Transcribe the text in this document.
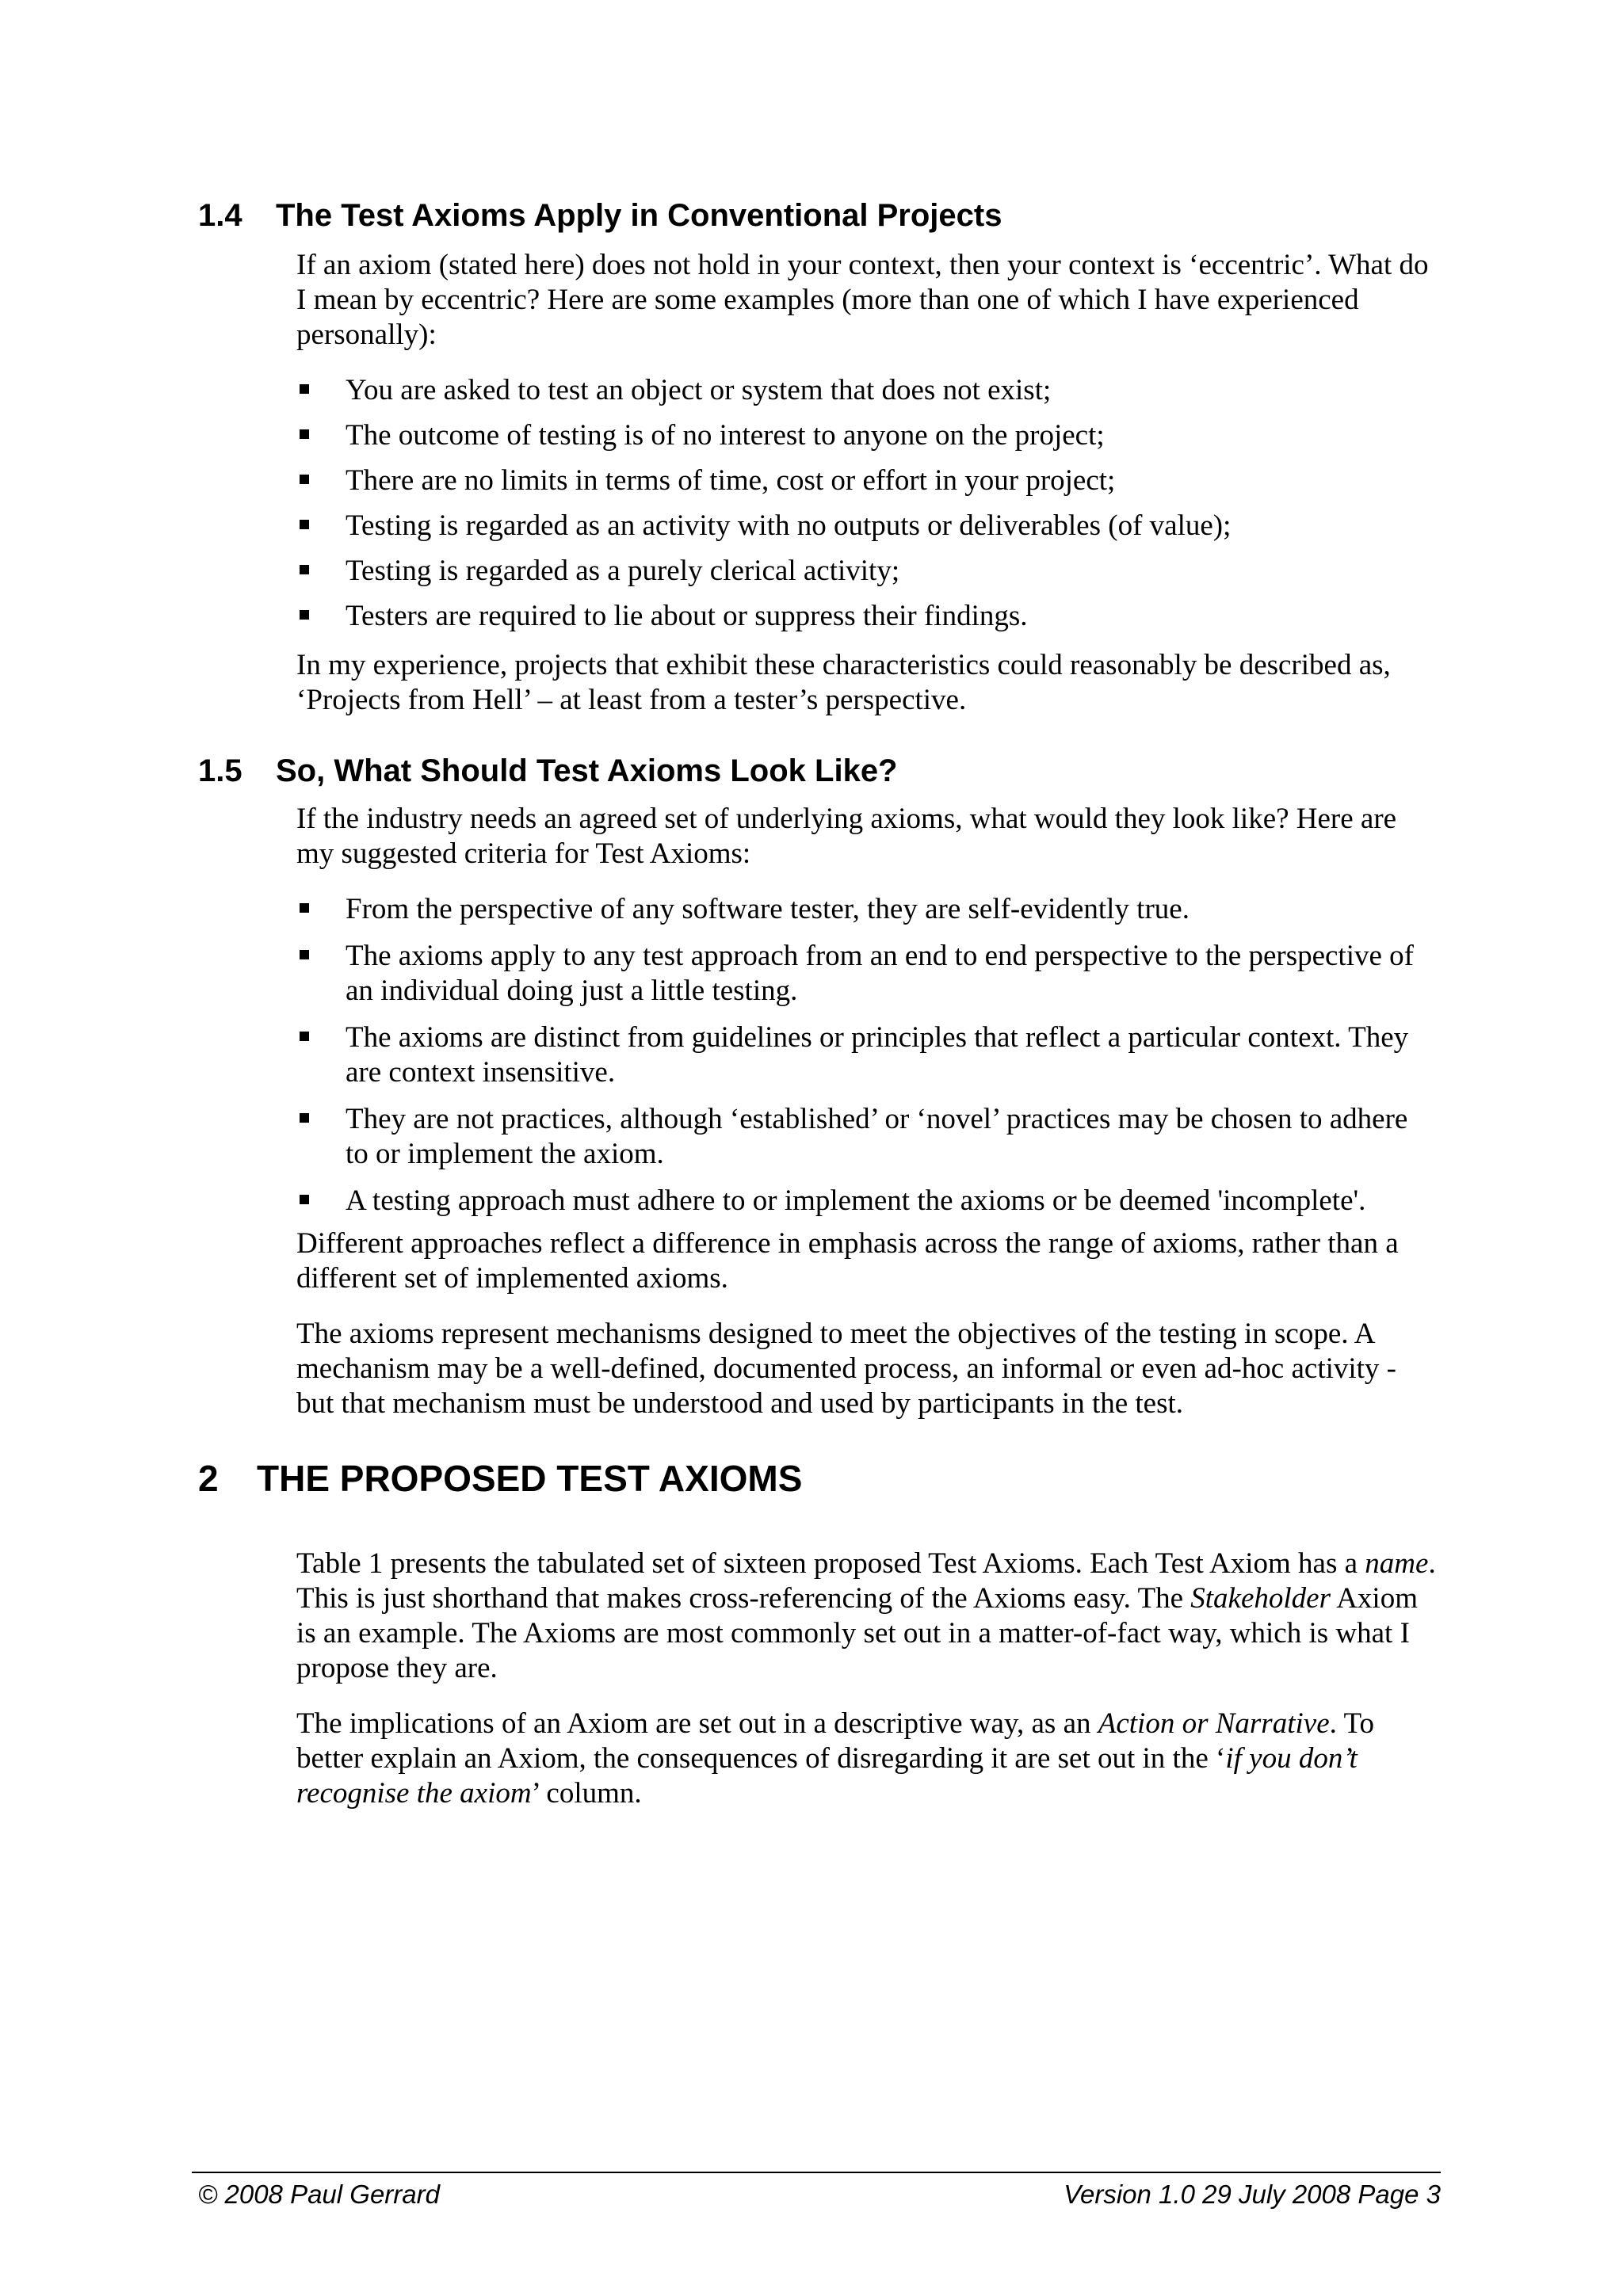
1.4 The Test Axioms Apply in Conventional Projects

If an axiom (stated here) does not hold in your context, then your context is ‘eccentric’. What do I mean by eccentric? Here are some examples (more than one of which I have experienced personally):

You are asked to test an object or system that does not exist;
The outcome of testing is of no interest to anyone on the project;
There are no limits in terms of time, cost or effort in your project;
Testing is regarded as an activity with no outputs or deliverables (of value);
Testing is regarded as a purely clerical activity;
Testers are required to lie about or suppress their findings.

In my experience, projects that exhibit these characteristics could reasonably be described as, ‘Projects from Hell’ – at least from a tester’s perspective.

1.5 So, What Should Test Axioms Look Like?

If the industry needs an agreed set of underlying axioms, what would they look like? Here are my suggested criteria for Test Axioms:

From the perspective of any software tester, they are self-evidently true.
The axioms apply to any test approach from an end to end perspective to the perspective of an individual doing just a little testing.
The axioms are distinct from guidelines or principles that reflect a particular context. They are context insensitive.
They are not practices, although ‘established’ or ‘novel’ practices may be chosen to adhere to or implement the axiom.
A testing approach must adhere to or implement the axioms or be deemed 'incomplete'.

Different approaches reflect a difference in emphasis across the range of axioms, rather than a different set of implemented axioms.

The axioms represent mechanisms designed to meet the objectives of the testing in scope. A mechanism may be a well-defined, documented process, an informal or even ad-hoc activity - but that mechanism must be understood and used by participants in the test.

2 THE PROPOSED TEST AXIOMS

Table 1 presents the tabulated set of sixteen proposed Test Axioms. Each Test Axiom has a name. This is just shorthand that makes cross-referencing of the Axioms easy. The Stakeholder Axiom is an example. The Axioms are most commonly set out in a matter-of-fact way, which is what I propose they are.

The implications of an Axiom are set out in a descriptive way, as an Action or Narrative. To better explain an Axiom, the consequences of disregarding it are set out in the ‘if you don’t recognise the axiom’ column.

© 2008 Paul Gerrard	Version 1.0 29 July 2008 Page 3
